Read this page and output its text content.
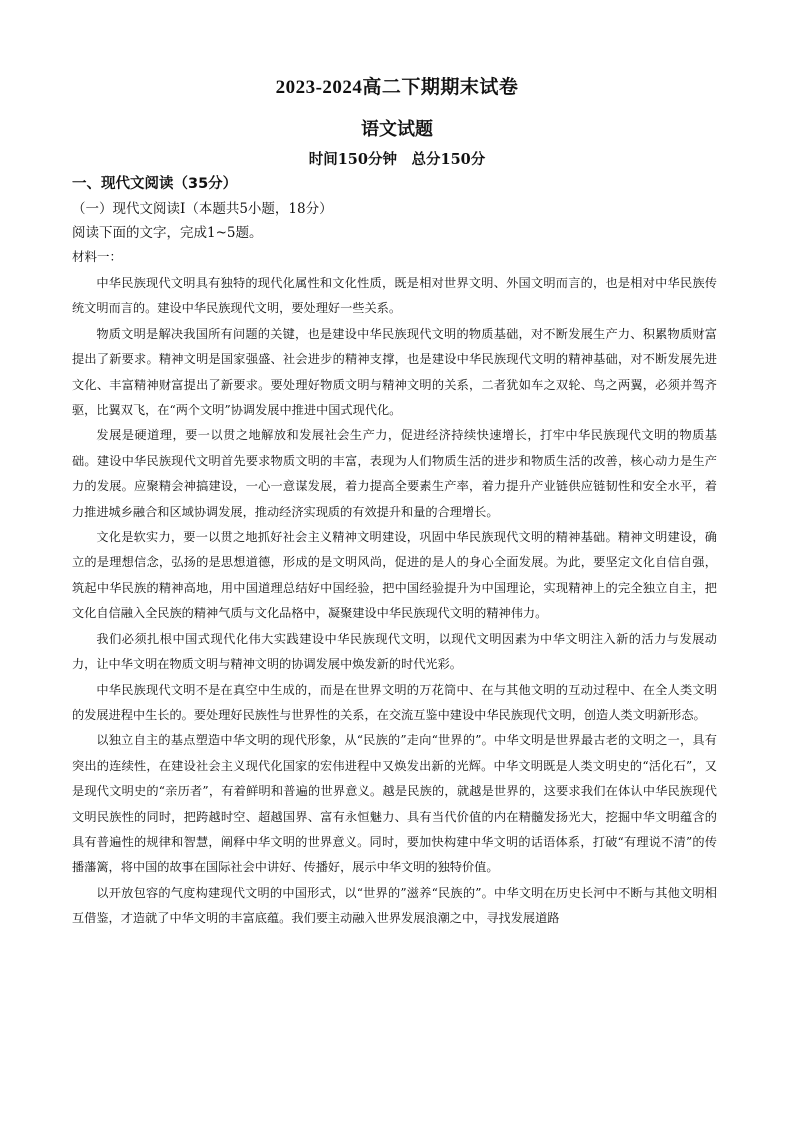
2023-2024高二下期期末试卷
语文试题
时间150分钟　总分150分
一、现代文阅读（35分）
（一）现代文阅读Ⅰ（本题共5小题，18分）
阅读下面的文字，完成1~5题。
材料一：

中华民族现代文明具有独特的现代化属性和文化性质，既是相对世界文明、外国文明而言的，也是相对中华民族传统文明而言的。建设中华民族现代文明，要处理好一些关系。

物质文明是解决我国所有问题的关键，也是建设中华民族现代文明的物质基础，对不断发展生产力、积累物质财富提出了新要求。精神文明是国家强盛、社会进步的精神支撑，也是建设中华民族现代文明的精神基础，对不断发展先进文化、丰富精神财富提出了新要求。要处理好物质文明与精神文明的关系，二者犹如车之双轮、鸟之两翼，必须并驾齐驱，比翼双飞，在“两个文明”协调发展中推进中国式现代化。

发展是硬道理，要一以贯之地解放和发展社会生产力，促进经济持续快速增长，打牢中华民族现代文明的物质基础。建设中华民族现代文明首先要求物质文明的丰富，表现为人们物质生活的进步和物质生活的改善，核心动力是生产力的发展。应聚精会神搞建设，一心一意谋发展，着力提高全要素生产率，着力提升产业链供应链韧性和安全水平，着力推进城乡融合和区域协调发展，推动经济实现质的有效提升和量的合理增长。

文化是软实力，要一以贯之地抓好社会主义精神文明建设，巩固中华民族现代文明的精神基础。精神文明建设，确立的是理想信念，弘扬的是思想道德，形成的是文明风尚，促进的是人的身心全面发展。为此，要坚定文化自信自强，筑起中华民族的精神高地，用中国道理总结好中国经验，把中国经验提升为中国理论，实现精神上的完全独立自主，把文化自信融入全民族的精神气质与文化品格中，凝聚建设中华民族现代文明的精神伟力。

我们必须扎根中国式现代化伟大实践建设中华民族现代文明，以现代文明因素为中华文明注入新的活力与发展动力，让中华文明在物质文明与精神文明的协调发展中焕发新的时代光彩。

中华民族现代文明不是在真空中生成的，而是在世界文明的万花筒中、在与其他文明的互动过程中、在全人类文明的发展进程中生长的。要处理好民族性与世界性的关系，在交流互鉴中建设中华民族现代文明，创造人类文明新形态。

以独立自主的基点塑造中华文明的现代形象，从“民族的”走向“世界的”。中华文明是世界最古老的文明之一，具有突出的连续性，在建设社会主义现代化国家的宏伟进程中又焕发出新的光辉。中华文明既是人类文明史的“活化石”，又是现代文明史的“亲历者”，有着鲜明和普遍的世界意义。越是民族的，就越是世界的，这要求我们在体认中华民族现代文明民族性的同时，把跨越时空、超越国界、富有永恒魅力、具有当代价值的内在精髓发扬光大，挖掘中华文明蕴含的具有普遍性的规律和智慧，阐释中华文明的世界意义。同时，要加快构建中华文明的话语体系，打破“有理说不清”的传播藩篱，将中国的故事在国际社会中讲好、传播好，展示中华文明的独特价值。

以开放包容的气度构建现代文明的中国形式，以“世界的”滋养“民族的”。中华文明在历史长河中不断与其他文明相互借鉴，才造就了中华文明的丰富底蕴。我们要主动融入世界发展浪潮之中，寻找发展道路
